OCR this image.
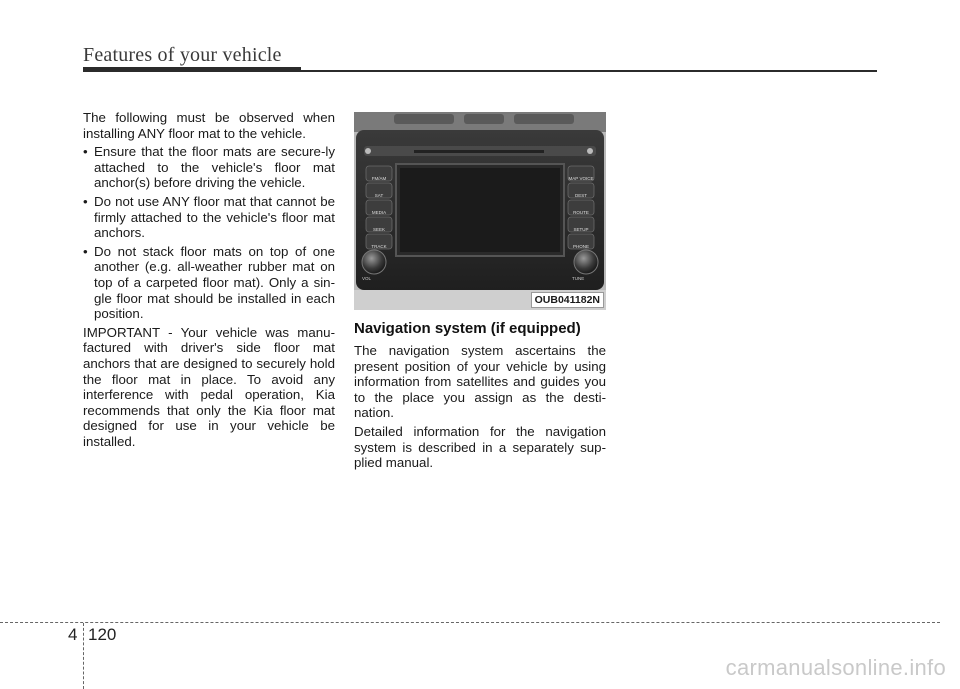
Features of your vehicle

The following must be observed when installing ANY floor mat to the vehicle.

• Ensure that the floor mats are secure-ly attached to the vehicle's floor mat anchor(s) before driving the vehicle.
• Do not use ANY floor mat that cannot be firmly attached to the vehicle's floor mat anchors.
• Do not stack floor mats on top of one another (e.g. all-weather rubber mat on top of a carpeted floor mat). Only a sin-gle floor mat should be installed in each position.

IMPORTANT - Your vehicle was manu-factured with driver's side floor mat anchors that are designed to securely hold the floor mat in place. To avoid any interference with pedal operation, Kia recommends that only the Kia floor mat designed for use in your vehicle be installed.

FM/AM
SAT
MEDIA
SEEK
TRACK
MAP VOICE
DEST
ROUTE
SETUP
PHONE
VOL	TUNE
OUB041182N
Navigation system (if equipped)

The navigation system ascertains the present position of your vehicle by using information from satellites and guides you to the place you assign as the desti-nation.

Detailed information for the navigation system is described in a separately sup-plied manual.

4 120
carmanualsonline.info
